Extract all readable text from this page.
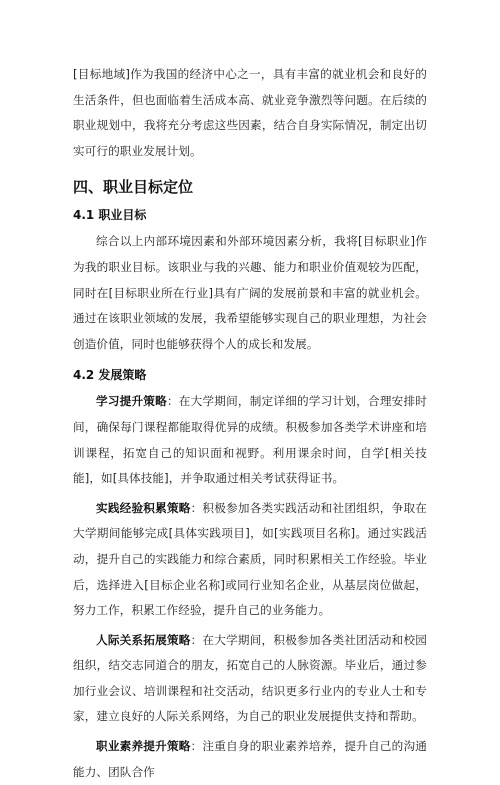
[目标地域]作为我国的经济中心之一，具有丰富的就业机会和良好的生活条件，但也面临着生活成本高、就业竞争激烈等问题。在后续的职业规划中，我将充分考虑这些因素，结合自身实际情况，制定出切实可行的职业发展计划。

四、职业目标定位
4.1 职业目标

综合以上内部环境因素和外部环境因素分析，我将[目标职业]作为我的职业目标。该职业与我的兴趣、能力和职业价值观较为匹配，同时在[目标职业所在行业]具有广阔的发展前景和丰富的就业机会。通过在该职业领域的发展，我希望能够实现自己的职业理想，为社会创造价值，同时也能够获得个人的成长和发展。

4.2 发展策略

学习提升策略：在大学期间，制定详细的学习计划，合理安排时间，确保每门课程都能取得优异的成绩。积极参加各类学术讲座和培训课程，拓宽自己的知识面和视野。利用课余时间，自学[相关技能]，如[具体技能]，并争取通过相关考试获得证书。

实践经验积累策略：积极参加各类实践活动和社团组织，争取在大学期间能够完成[具体实践项目]，如[实践项目名称]。通过实践活动，提升自己的实践能力和综合素质，同时积累相关工作经验。毕业后，选择进入[目标企业名称]或同行业知名企业，从基层岗位做起，努力工作，积累工作经验，提升自己的业务能力。

人际关系拓展策略：在大学期间，积极参加各类社团活动和校园组织，结交志同道合的朋友，拓宽自己的人脉资源。毕业后，通过参加行业会议、培训课程和社交活动，结识更多行业内的专业人士和专家，建立良好的人际关系网络，为自己的职业发展提供支持和帮助。

职业素养提升策略：注重自身的职业素养培养，提升自己的沟通能力、团队合作
